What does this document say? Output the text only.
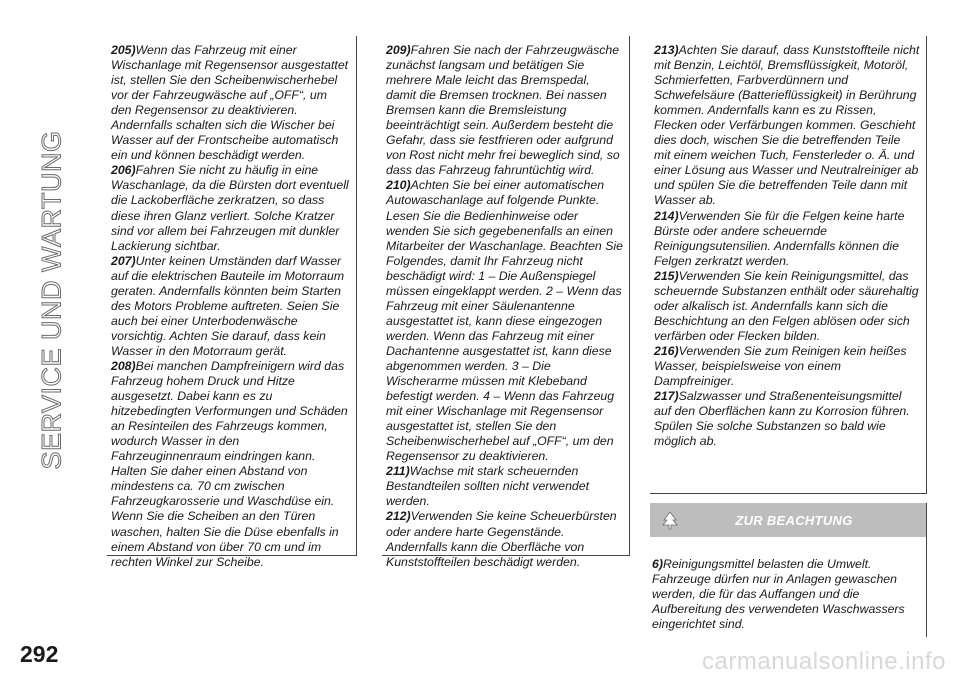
SERVICE UND WARTUNG

205)Wenn das Fahrzeug mit einer Wischanlage mit Regensensor ausgestattet ist, stellen Sie den Scheibenwischerhebel vor der Fahrzeugwäsche auf „OFF“, um den Regensensor zu deaktivieren. Andernfalls schalten sich die Wischer bei Wasser auf der Frontscheibe automatisch ein und können beschädigt werden.

206)Fahren Sie nicht zu häufig in eine Waschanlage, da die Bürsten dort eventuell die Lackoberfläche zerkratzen, so dass diese ihren Glanz verliert. Solche Kratzer sind vor allem bei Fahrzeugen mit dunkler Lackierung sichtbar.

207)Unter keinen Umständen darf Wasser auf die elektrischen Bauteile im Motorraum geraten. Andernfalls könnten beim Starten des Motors Probleme auftreten. Seien Sie auch bei einer Unterbodenwäsche vorsichtig. Achten Sie darauf, dass kein Wasser in den Motorraum gerät.

208)Bei manchen Dampfreinigern wird das Fahrzeug hohem Druck und Hitze ausgesetzt. Dabei kann es zu hitzebedingten Verformungen und Schäden an Resinteilen des Fahrzeugs kommen, wodurch Wasser in den Fahrzeuginnenraum eindringen kann. Halten Sie daher einen Abstand von mindestens ca. 70 cm zwischen Fahrzeugkarosserie und Waschdüse ein. Wenn Sie die Scheiben an den Türen waschen, halten Sie die Düse ebenfalls in einem Abstand von über 70 cm und im rechten Winkel zur Scheibe.

209)Fahren Sie nach der Fahrzeugwäsche zunächst langsam und betätigen Sie mehrere Male leicht das Bremspedal, damit die Bremsen trocknen. Bei nassen Bremsen kann die Bremsleistung beeinträchtigt sein. Außerdem besteht die Gefahr, dass sie festfrieren oder aufgrund von Rost nicht mehr frei beweglich sind, so dass das Fahrzeug fahruntüchtig wird.

210)Achten Sie bei einer automatischen Autowaschanlage auf folgende Punkte. Lesen Sie die Bedienhinweise oder wenden Sie sich gegebenenfalls an einen Mitarbeiter der Waschanlage. Beachten Sie Folgendes, damit Ihr Fahrzeug nicht beschädigt wird: 1 – Die Außenspiegel müssen eingeklappt werden. 2 – Wenn das Fahrzeug mit einer Säulenantenne ausgestattet ist, kann diese eingezogen werden. Wenn das Fahrzeug mit einer Dachantenne ausgestattet ist, kann diese abgenommen werden. 3 – Die Wischerarme müssen mit Klebeband befestigt werden. 4 – Wenn das Fahrzeug mit einer Wischanlage mit Regensensor ausgestattet ist, stellen Sie den Scheibenwischerhebel auf „OFF“, um den Regensensor zu deaktivieren.

211)Wachse mit stark scheuernden Bestandteilen sollten nicht verwendet werden.

212)Verwenden Sie keine Scheuerbürsten oder andere harte Gegenstände. Andernfalls kann die Oberfläche von Kunststoffteilen beschädigt werden.

213)Achten Sie darauf, dass Kunststoffteile nicht mit Benzin, Leichtöl, Bremsflüssigkeit, Motoröl, Schmierfetten, Farbverdünnern und Schwefelsäure (Batterieflüssigkeit) in Berührung kommen. Andernfalls kann es zu Rissen, Flecken oder Verfärbungen kommen. Geschieht dies doch, wischen Sie die betreffenden Teile mit einem weichen Tuch, Fensterleder o. Ä. und einer Lösung aus Wasser und Neutralreiniger ab und spülen Sie die betreffenden Teile dann mit Wasser ab.

214)Verwenden Sie für die Felgen keine harte Bürste oder andere scheuernde Reinigungsutensilien. Andernfalls können die Felgen zerkratzt werden.

215)Verwenden Sie kein Reinigungsmittel, das scheuernde Substanzen enthält oder säurehaltig oder alkalisch ist. Andernfalls kann sich die Beschichtung an den Felgen ablösen oder sich verfärben oder Flecken bilden.

216)Verwenden Sie zum Reinigen kein heißes Wasser, beispielsweise von einem Dampfreiniger.

217)Salzwasser und Straßenenteisungsmittel auf den Oberflächen kann zu Korrosion führen. Spülen Sie solche Substanzen so bald wie möglich ab.

ZUR BEACHTUNG
6)Reinigungsmittel belasten die Umwelt. Fahrzeuge dürfen nur in Anlagen gewaschen werden, die für das Auffangen und die Aufbereitung des verwendeten Waschwassers eingerichtet sind.
292	carmanualsonline.info
